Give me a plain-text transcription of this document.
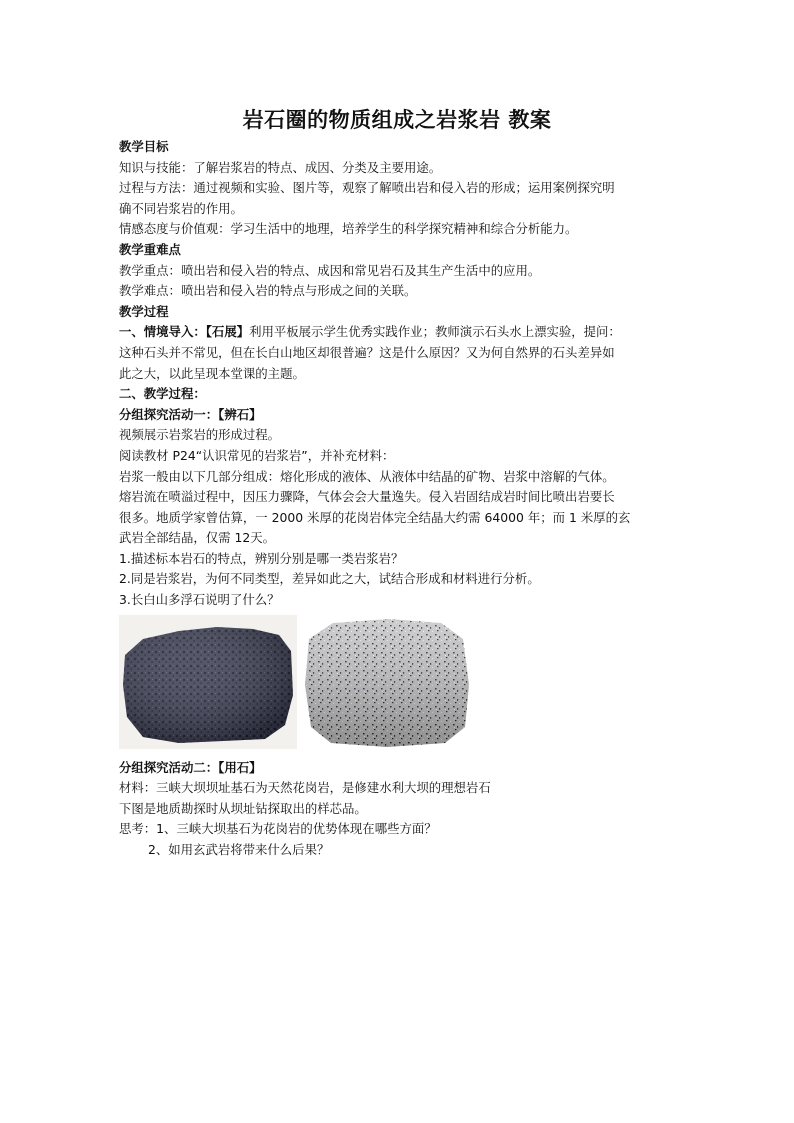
岩石圈的物质组成之岩浆岩 教案
教学目标
知识与技能：了解岩浆岩的特点、成因、分类及主要用途。
过程与方法：通过视频和实验、图片等，观察了解喷出岩和侵入岩的形成；运用案例探究明
确不同岩浆岩的作用。
情感态度与价值观：学习生活中的地理，培养学生的科学探究精神和综合分析能力。
教学重难点
教学重点：喷出岩和侵入岩的特点、成因和常见岩石及其生产生活中的应用。
教学难点：喷出岩和侵入岩的特点与形成之间的关联。
教学过程
一、情境导入：【石展】利用平板展示学生优秀实践作业；教师演示石头水上漂实验，提问：
这种石头并不常见，但在长白山地区却很普遍？这是什么原因？又为何自然界的石头差异如
此之大，以此呈现本堂课的主题。
二、教学过程：
分组探究活动一：【辨石】
视频展示岩浆岩的形成过程。
阅读教材 P24“认识常见的岩浆岩”，并补充材料：
岩浆一般由以下几部分组成：熔化形成的液体、从液体中结晶的矿物、岩浆中溶解的气体。
熔岩流在喷溢过程中，因压力骤降，气体会会大量逸失。侵入岩固结成岩时间比喷出岩要长
很多。地质学家曾估算，一 2000 米厚的花岗岩体完全结晶大约需 64000 年；而 1 米厚的玄
武岩全部结晶，仅需 12天。
1.描述标本岩石的特点，辨别分别是哪一类岩浆岩？
2.同是岩浆岩，为何不同类型，差异如此之大，试结合形成和材料进行分析。
3.长白山多浮石说明了什么？
分组探究活动二：【用石】
材料：三峡大坝坝址基石为天然花岗岩，是修建水利大坝的理想岩石
下图是地质勘探时从坝址钻探取出的样芯品。
思考：1、三峡大坝基石为花岗岩的优势体现在哪些方面？
2、如用玄武岩将带来什么后果？
